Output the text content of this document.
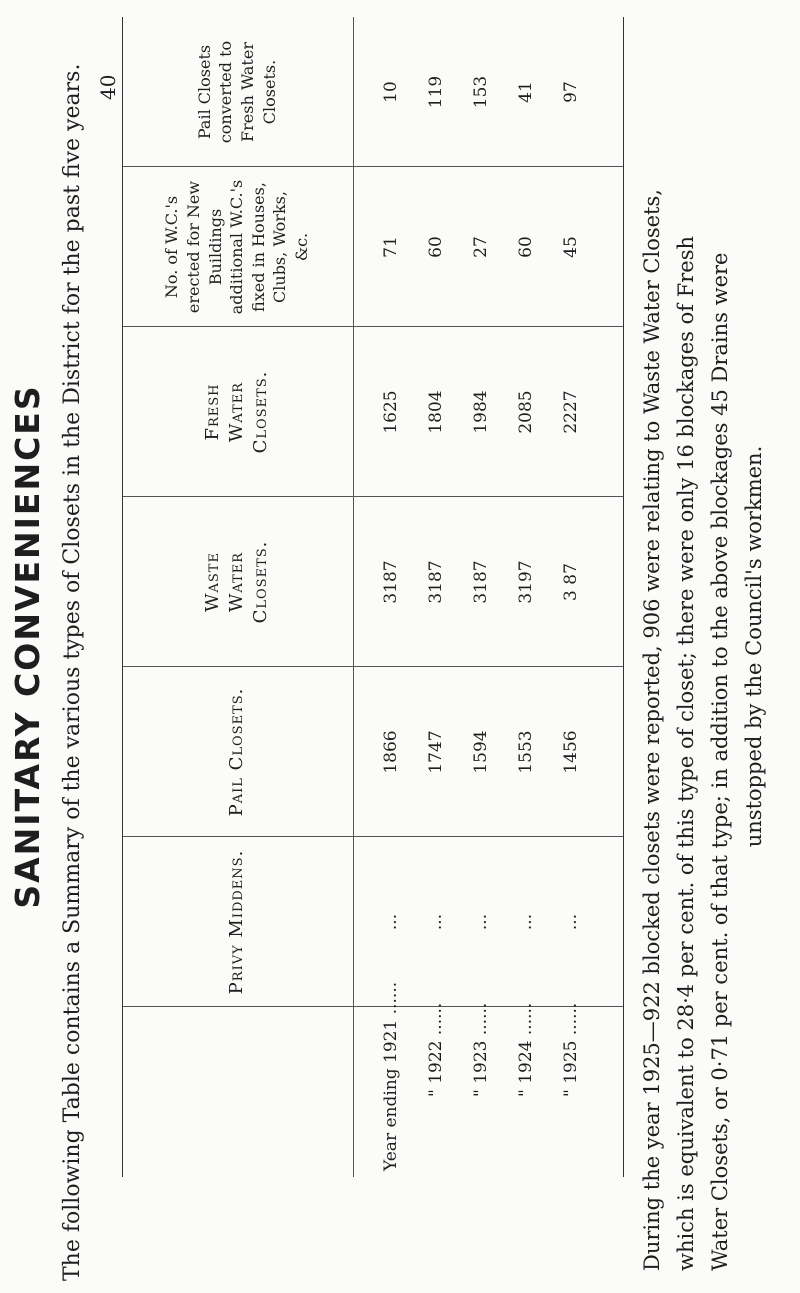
SANITARY CONVENIENCES The following Table contains a Summary of the various types of Closets in the District for the past five years. 40
Privy Middens.
Pail Closets.
Waste Water Closets.
Fresh Water Closets.
No. of W.C.'s erected for New Buildings additional W.C.'s fixed in Houses, Clubs, Works, &c.
Pail Closets converted to Fresh Water Closets.
Year ending 1921 ......
...
1866
3187
1625
71
10
" 1922 ......
...
1747
3187
1804
60
119
" 1923 ......
...
1594
3187
1984
27
153
" 1924 ......
...
1553
3197
2085
60
41
" 1925 ......
...
1456
3 87
2227
45
97
During the year 1925—922 blocked closets were reported, 906 were relating to Waste Water Closets, which is equivalent to 28·4 per cent. of this type of closet; there were only 16 blockages of Fresh Water Closets, or 0·71 per cent. of that type; in addition to the above blockages 45 Drains were unstopped by the Council's workmen.
